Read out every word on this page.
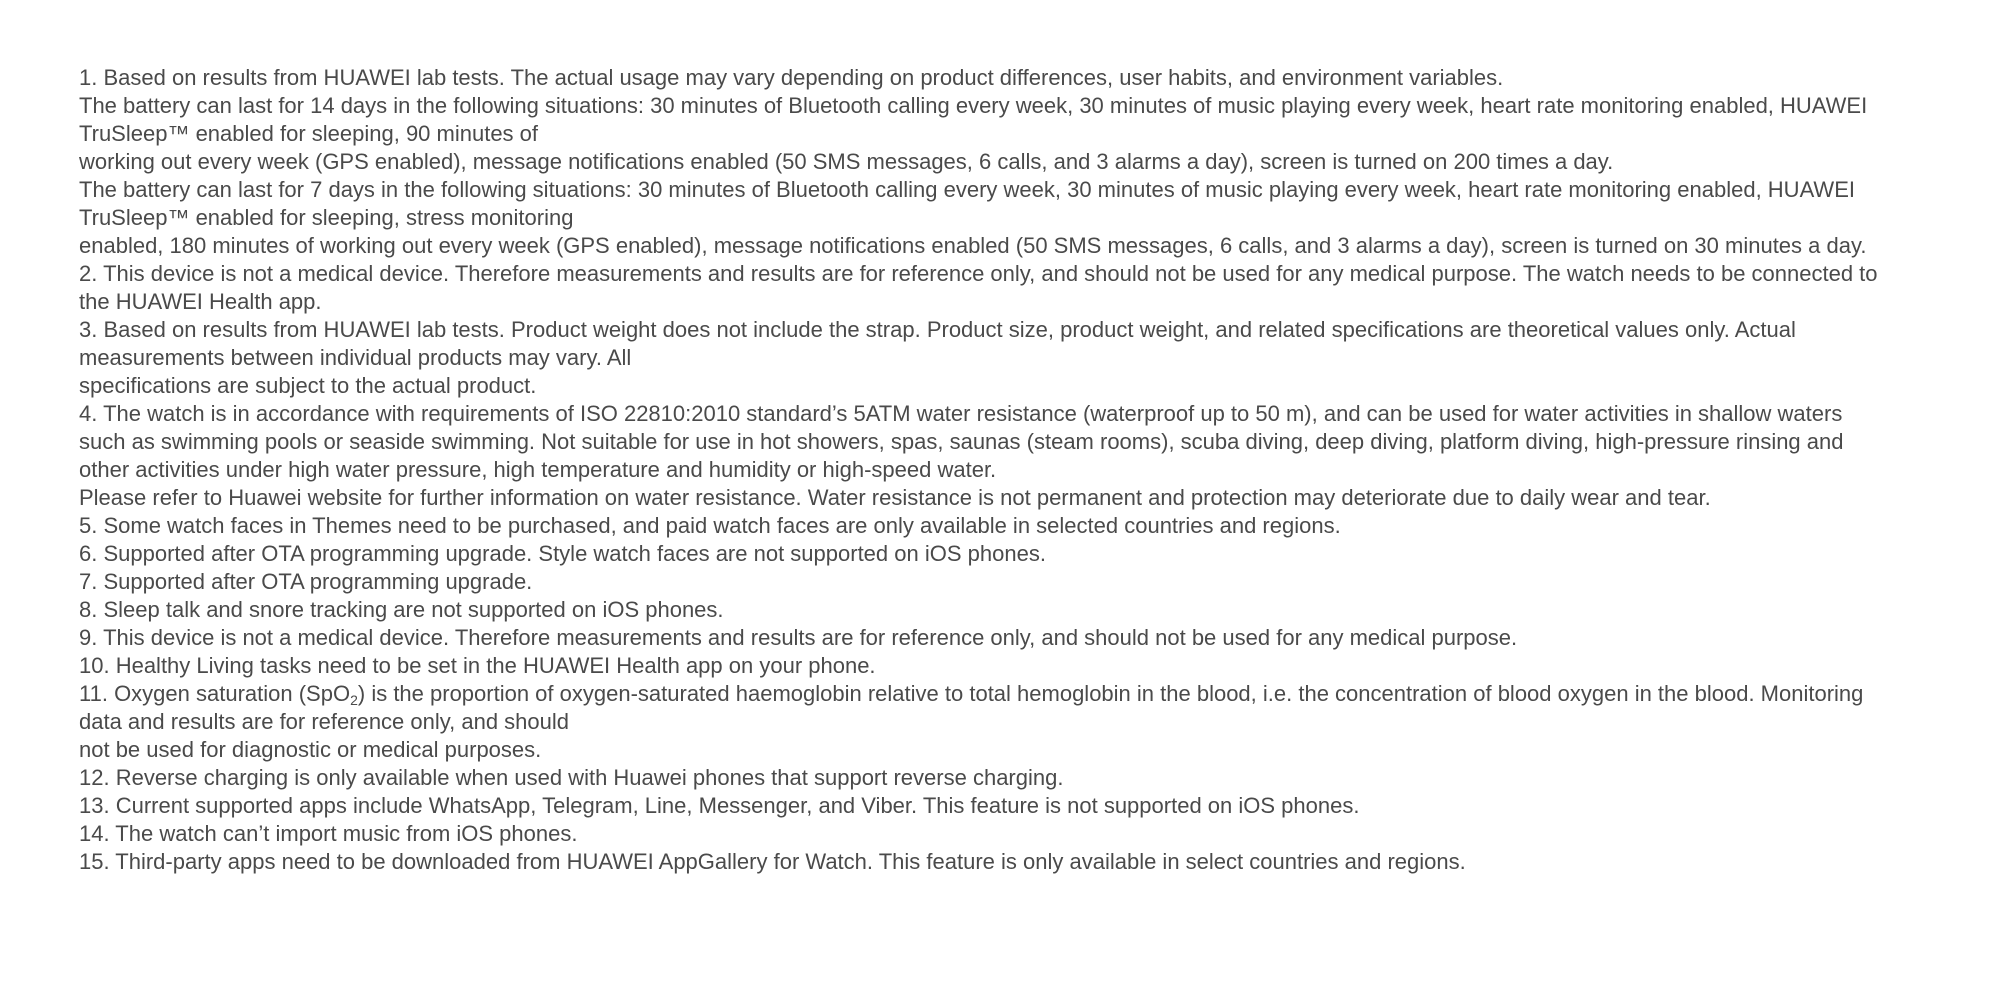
1. Based on results from HUAWEI lab tests. The actual usage may vary depending on product differences, user habits, and environment variables.
The battery can last for 14 days in the following situations: 30 minutes of Bluetooth calling every week, 30 minutes of music playing every week, heart rate monitoring enabled, HUAWEI TruSleep™ enabled for sleeping, 90 minutes of
working out every week (GPS enabled), message notifications enabled (50 SMS messages, 6 calls, and 3 alarms a day), screen is turned on 200 times a day.
The battery can last for 7 days in the following situations: 30 minutes of Bluetooth calling every week, 30 minutes of music playing every week, heart rate monitoring enabled, HUAWEI TruSleep™ enabled for sleeping, stress monitoring
enabled, 180 minutes of working out every week (GPS enabled), message notifications enabled (50 SMS messages, 6 calls, and 3 alarms a day), screen is turned on 30 minutes a day.
2. This device is not a medical device. Therefore measurements and results are for reference only, and should not be used for any medical purpose. The watch needs to be connected to the HUAWEI Health app.
3. Based on results from HUAWEI lab tests. Product weight does not include the strap. Product size, product weight, and related specifications are theoretical values only. Actual measurements between individual products may vary. All
specifications are subject to the actual product.
4. The watch is in accordance with requirements of ISO 22810:2010 standard’s 5ATM water resistance (waterproof up to 50 m), and can be used for water activities in shallow waters such as swimming pools or seaside swimming. Not suitable for use in hot showers, spas, saunas (steam rooms), scuba diving, deep diving, platform diving, high-pressure rinsing and other activities under high water pressure, high temperature and humidity or high-speed water.
Please refer to Huawei website for further information on water resistance. Water resistance is not permanent and protection may deteriorate due to daily wear and tear.
5. Some watch faces in Themes need to be purchased, and paid watch faces are only available in selected countries and regions.
6. Supported after OTA programming upgrade. Style watch faces are not supported on iOS phones.
7. Supported after OTA programming upgrade.
8. Sleep talk and snore tracking are not supported on iOS phones.
9. This device is not a medical device. Therefore measurements and results are for reference only, and should not be used for any medical purpose.
10. Healthy Living tasks need to be set in the HUAWEI Health app on your phone.
11. Oxygen saturation (SpO$_2$) is the proportion of oxygen-saturated haemoglobin relative to total hemoglobin in the blood, i.e. the concentration of blood oxygen in the blood. Monitoring data and results are for reference only, and should
not be used for diagnostic or medical purposes.
12. Reverse charging is only available when used with Huawei phones that support reverse charging.
13. Current supported apps include WhatsApp, Telegram, Line, Messenger, and Viber. This feature is not supported on iOS phones.
14. The watch can’t import music from iOS phones.
15. Third-party apps need to be downloaded from HUAWEI AppGallery for Watch. This feature is only available in select countries and regions.
